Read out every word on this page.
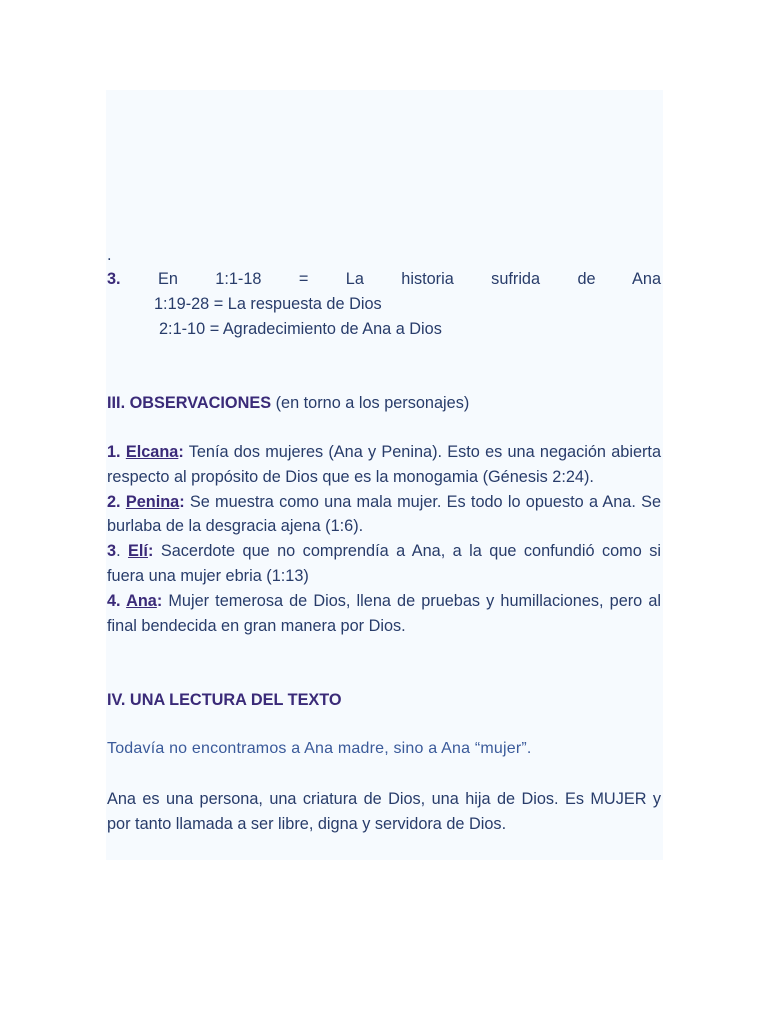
.
3. En 1:1-18 = La historia sufrida de Ana
1:19-28 = La respuesta de Dios
2:1-10 = Agradecimiento de Ana a Dios
III. OBSERVACIONES (en torno a los personajes)

1. Elcana: Tenía dos mujeres (Ana y Penina). Esto es una negación abierta respecto al propósito de Dios que es la monogamia (Génesis 2:24).

2. Penina: Se muestra como una mala mujer. Es todo lo opuesto a Ana. Se burlaba de la desgracia ajena (1:6).

3. Elí: Sacerdote que no comprendía a Ana, a la que confundió como si fuera una mujer ebria (1:13)

4. Ana: Mujer temerosa de Dios, llena de pruebas y humillaciones, pero al final bendecida en gran manera por Dios.

IV. UNA LECTURA DEL TEXTO
Todavía no encontramos a Ana madre, sino a Ana “mujer”.

Ana es una persona, una criatura de Dios, una hija de Dios. Es MUJER y por tanto llamada a ser libre, digna y servidora de Dios.
